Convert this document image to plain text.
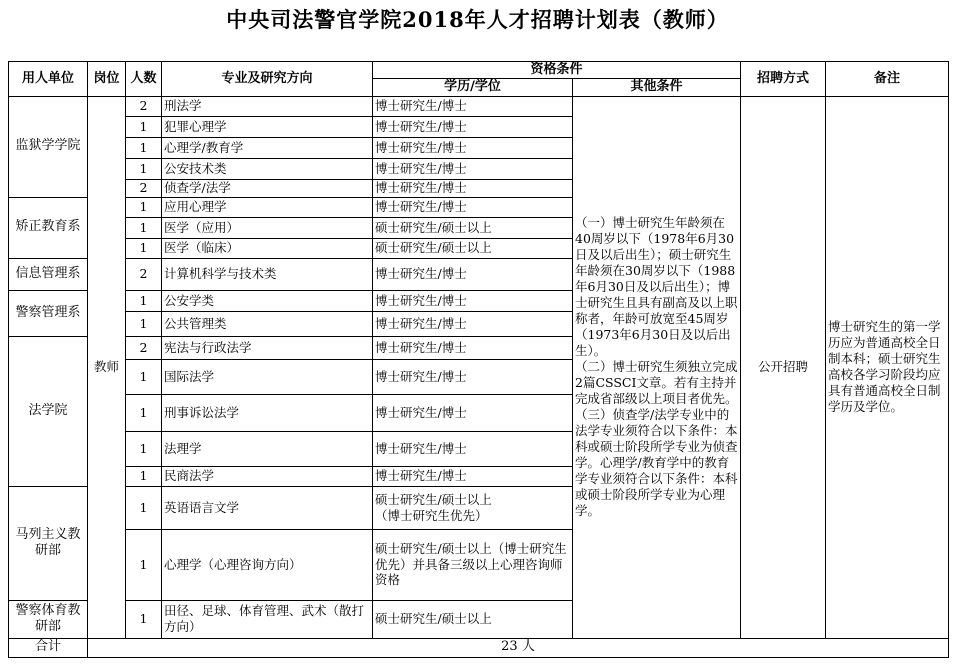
中央司法警官学院2018年人才招聘计划表（教师）
用人单位	岗位	人数	专业及研究方向	资格条件		招聘方式	备注
				学历/学位	其他条件		
监狱学学院	教师	2	刑法学	博士研究生/博士	（一）博士研究生年龄须在40周岁以下（1978年6月30日及以后出生）；硕士研究生年龄须在30周岁以下（1988年6月30日及以后出生）；博士研究生且具有副高及以上职称者，年龄可放宽至45周岁（1973年6月30日及以后出生）。
（二）博士研究生须独立完成2篇CSSCI文章。若有主持并完成省部级以上项目者优先。
（三）侦查学/法学专业中的法学专业须符合以下条件：本科或硕士阶段所学专业为侦查学。心理学/教育学中的教育学专业须符合以下条件：本科或硕士阶段所学专业为心理学。	公开招聘	博士研究生的第一学历应为普通高校全日制本科；硕士研究生高校各学习阶段均应具有普通高校全日制学历及学位。
		1	犯罪心理学	博士研究生/博士			
		1	心理学/教育学	博士研究生/博士			
		1	公安技术类	博士研究生/博士			
		2	侦查学/法学	博士研究生/博士			
矫正教育系		1	应用心理学	博士研究生/博士			
		1	医学（应用）	硕士研究生/硕士以上			
		1	医学（临床）	硕士研究生/硕士以上			
信息管理系		2	计算机科学与技术类	博士研究生/博士			
警察管理系		1	公安学类	博士研究生/博士			
		1	公共管理类	博士研究生/博士			
法学院		2	宪法与行政法学	博士研究生/博士			
		1	国际法学	博士研究生/博士			
		1	刑事诉讼法学	博士研究生/博士			
		1	法理学	博士研究生/博士			
		1	民商法学	博士研究生/博士			
马列主义教研部		1	英语语言文学	硕士研究生/硕士以上
（博士研究生优先）			
		1	心理学（心理咨询方向）	硕士研究生/硕士以上（博士研究生优先）并具备三级以上心理咨询师资格			
警察体育教研部		1	田径、足球、体育管理、武术（散打方向）	硕士研究生/硕士以上			
合计	23 人						
